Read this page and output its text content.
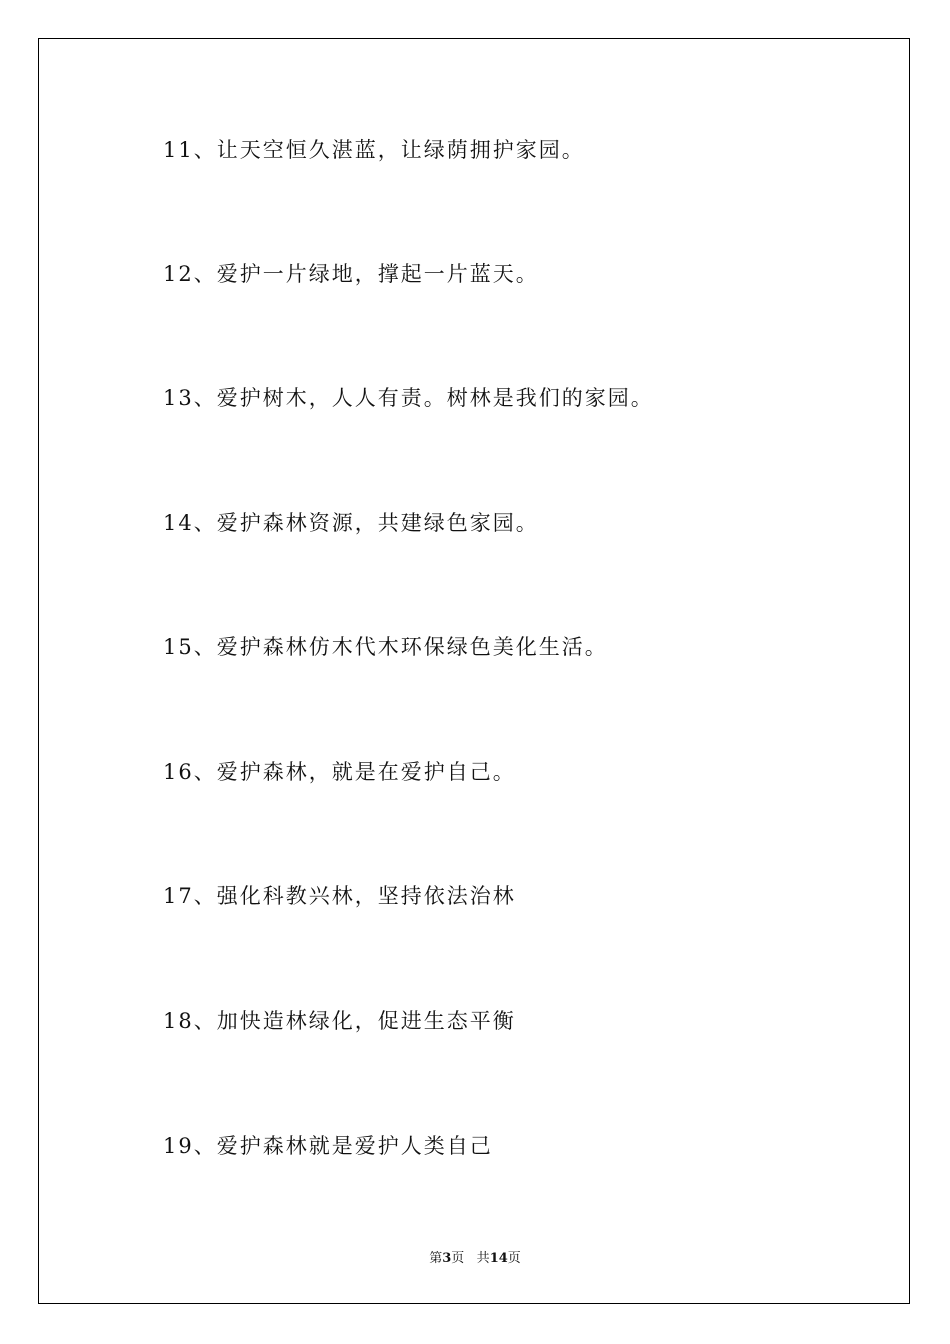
11、让天空恒久湛蓝，让绿荫拥护家园。
12、爱护一片绿地，撑起一片蓝天。
13、爱护树木，人人有责。树林是我们的家园。
14、爱护森林资源，共建绿色家园。
15、爱护森林仿木代木环保绿色美化生活。
16、爱护森林，就是在爱护自己。
17、强化科教兴林，坚持依法治林
18、加快造林绿化，促进生态平衡
19、爱护森林就是爱护人类自己
第3页 共14页
